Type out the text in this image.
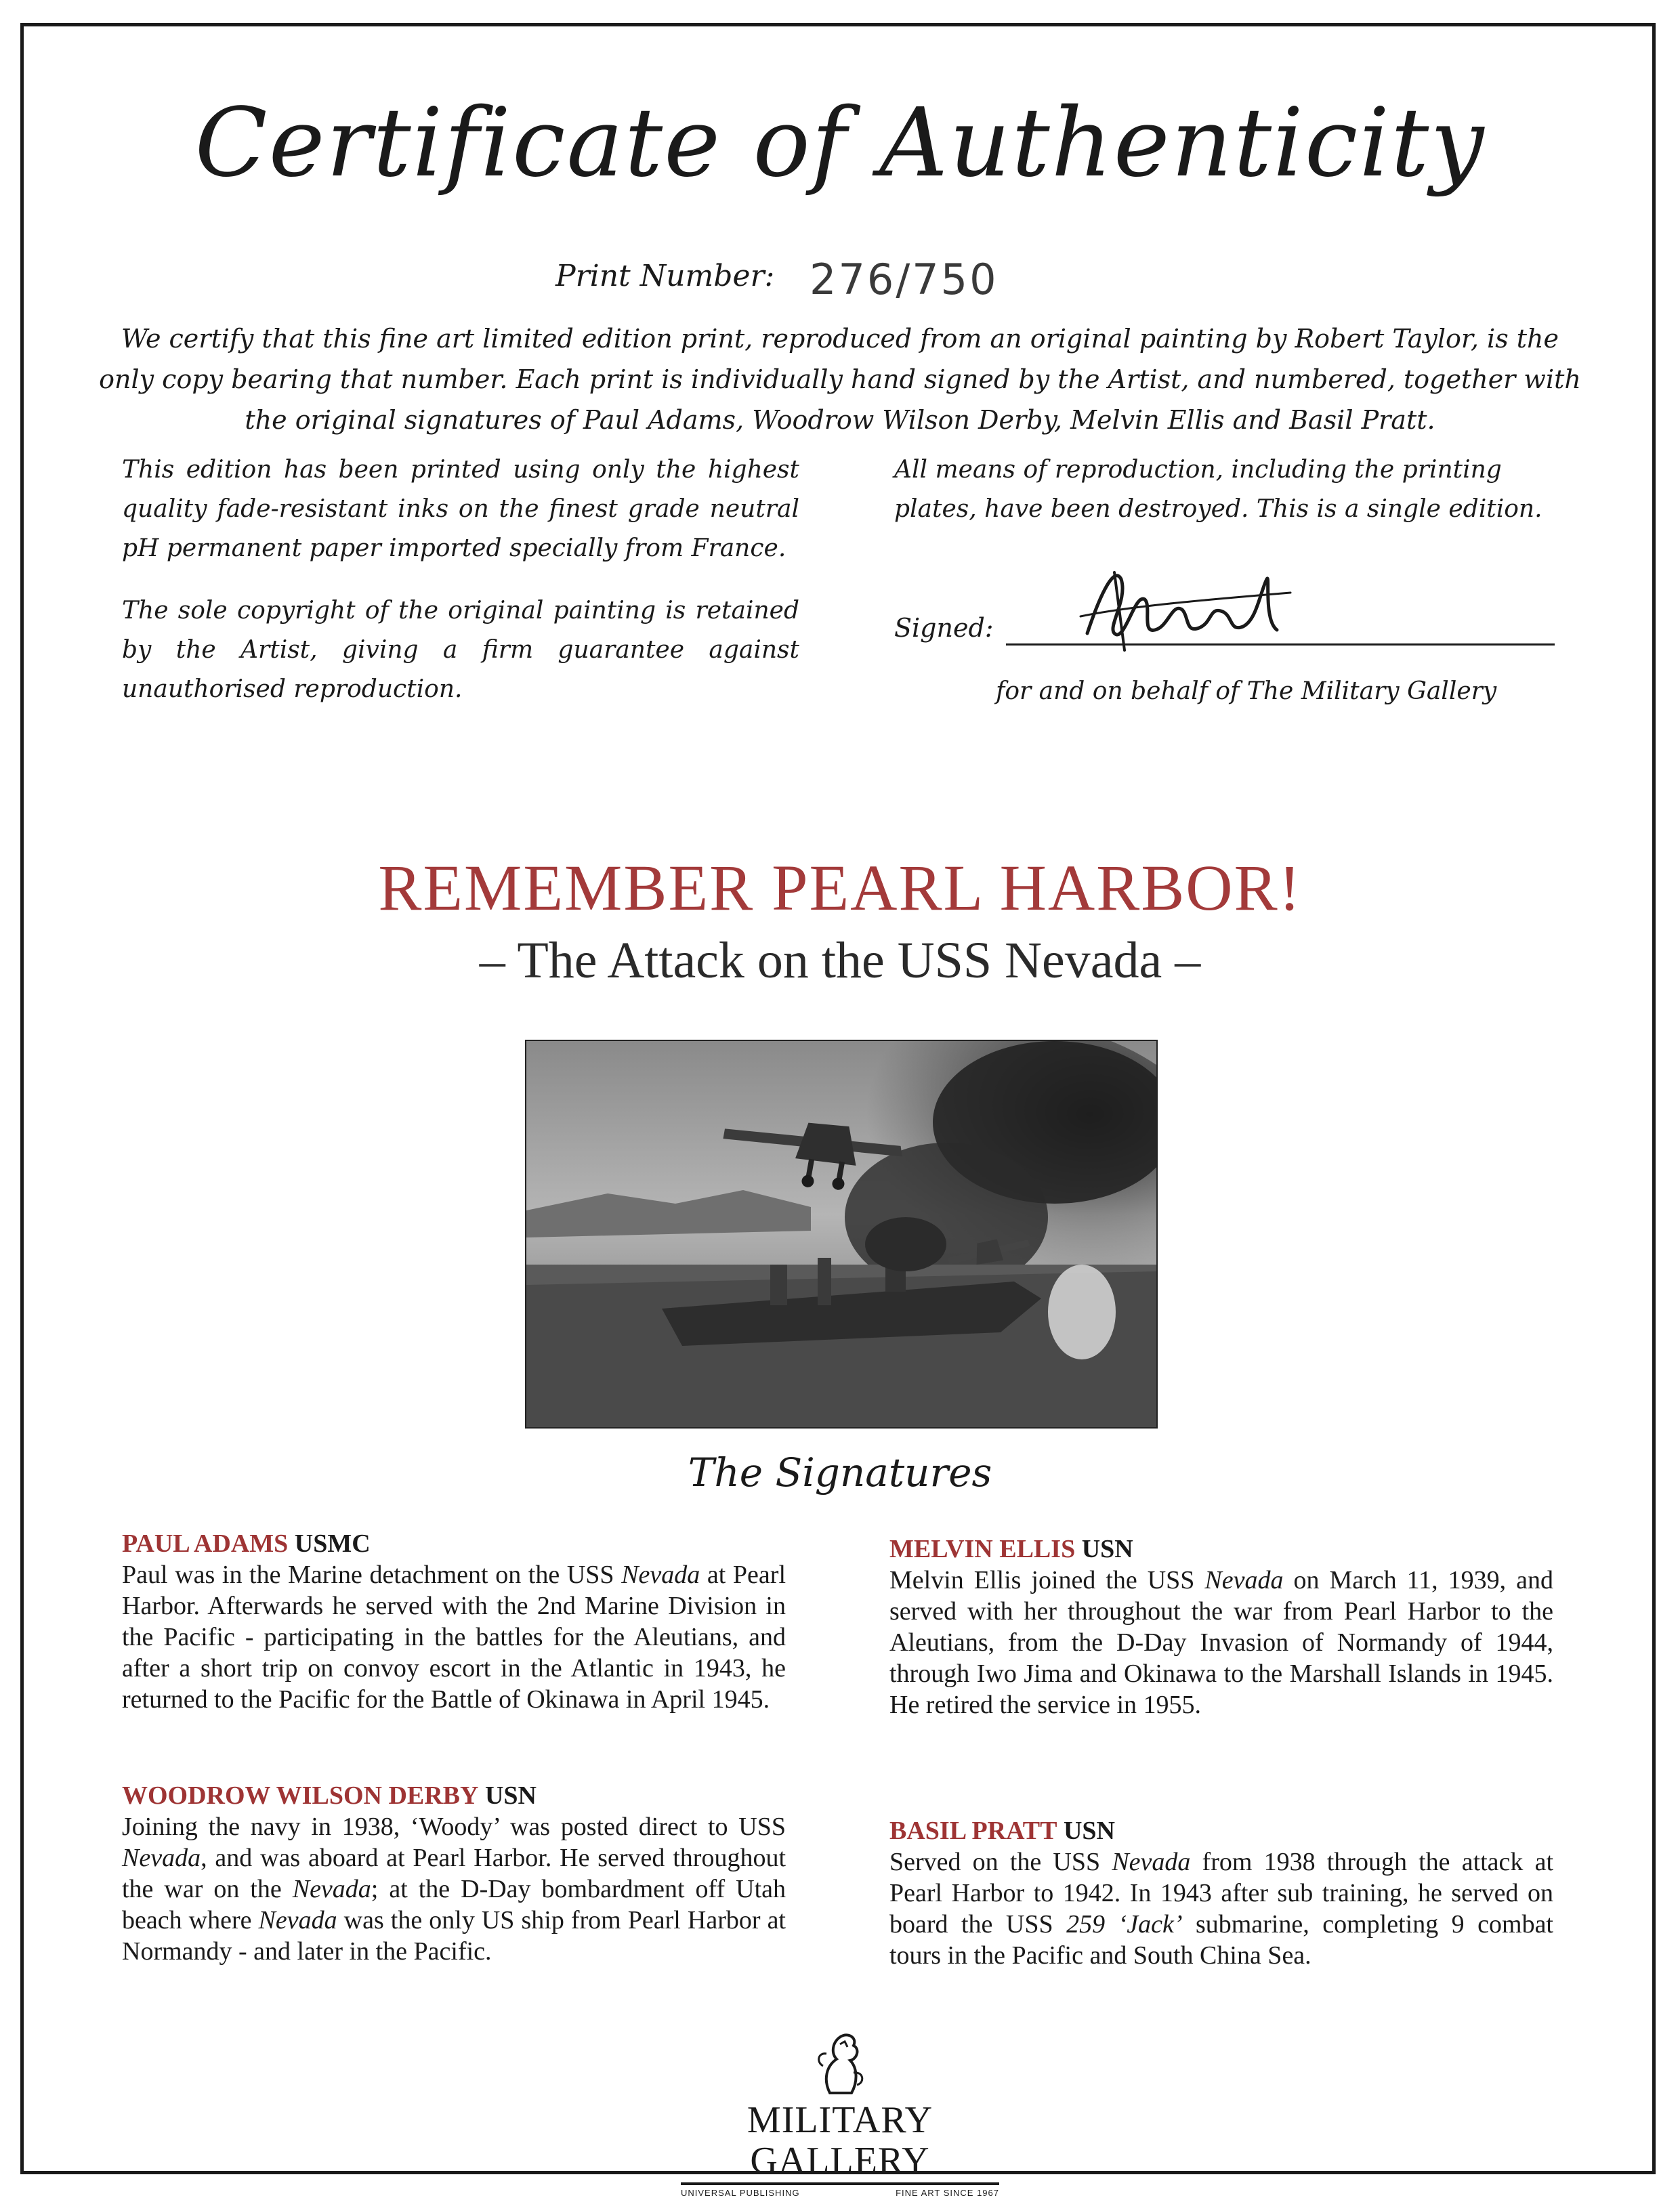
Certificate of Authenticity
Print Number: 276/750
We certify that this fine art limited edition print, reproduced from an original painting by Robert Taylor, is the only copy bearing that number. Each print is individually hand signed by the Artist, and numbered, together with the original signatures of Paul Adams, Woodrow Wilson Derby, Melvin Ellis and Basil Pratt.

This edition has been printed using only the highest quality fade-resistant inks on the finest grade neutral pH permanent paper imported specially from France.

The sole copyright of the original painting is retained by the Artist, giving a firm guarantee against unauthorised reproduction.

All means of reproduction, including the printing plates, have been destroyed. This is a single edition.
Signed:
for and on behalf of The Military Gallery
REMEMBER PEARL HARBOR!
– The Attack on the USS Nevada –
The Signatures
PAUL ADAMS USMC
Paul was in the Marine detachment on the USS Nevada at Pearl Harbor. Afterwards he served with the 2nd Marine Division in the Pacific - participating in the battles for the Aleutians, and after a short trip on convoy escort in the Atlantic in 1943, he returned to the Pacific for the Battle of Okinawa in April 1945.
WOODROW WILSON DERBY USN
Joining the navy in 1938, ‘Woody’ was posted direct to USS Nevada, and was aboard at Pearl Harbor. He served throughout the war on the Nevada; at the D-Day bombardment off Utah beach where Nevada was the only US ship from Pearl Harbor at Normandy - and later in the Pacific.
MELVIN ELLIS USN
Melvin Ellis joined the USS Nevada on March 11, 1939, and served with her throughout the war from Pearl Harbor to the Aleutians, from the D-Day Invasion of Normandy of 1944, through Iwo Jima and Okinawa to the Marshall Islands in 1945. He retired the service in 1955.
BASIL PRATT USN
Served on the USS Nevada from 1938 through the attack at Pearl Harbor to 1942. In 1943 after sub training, he served on board the USS 259 ‘Jack’ submarine, completing 9 combat tours in the Pacific and South China Sea.
MILITARY GALLERY
UNIVERSAL PUBLISHING	FINE ART SINCE 1967
